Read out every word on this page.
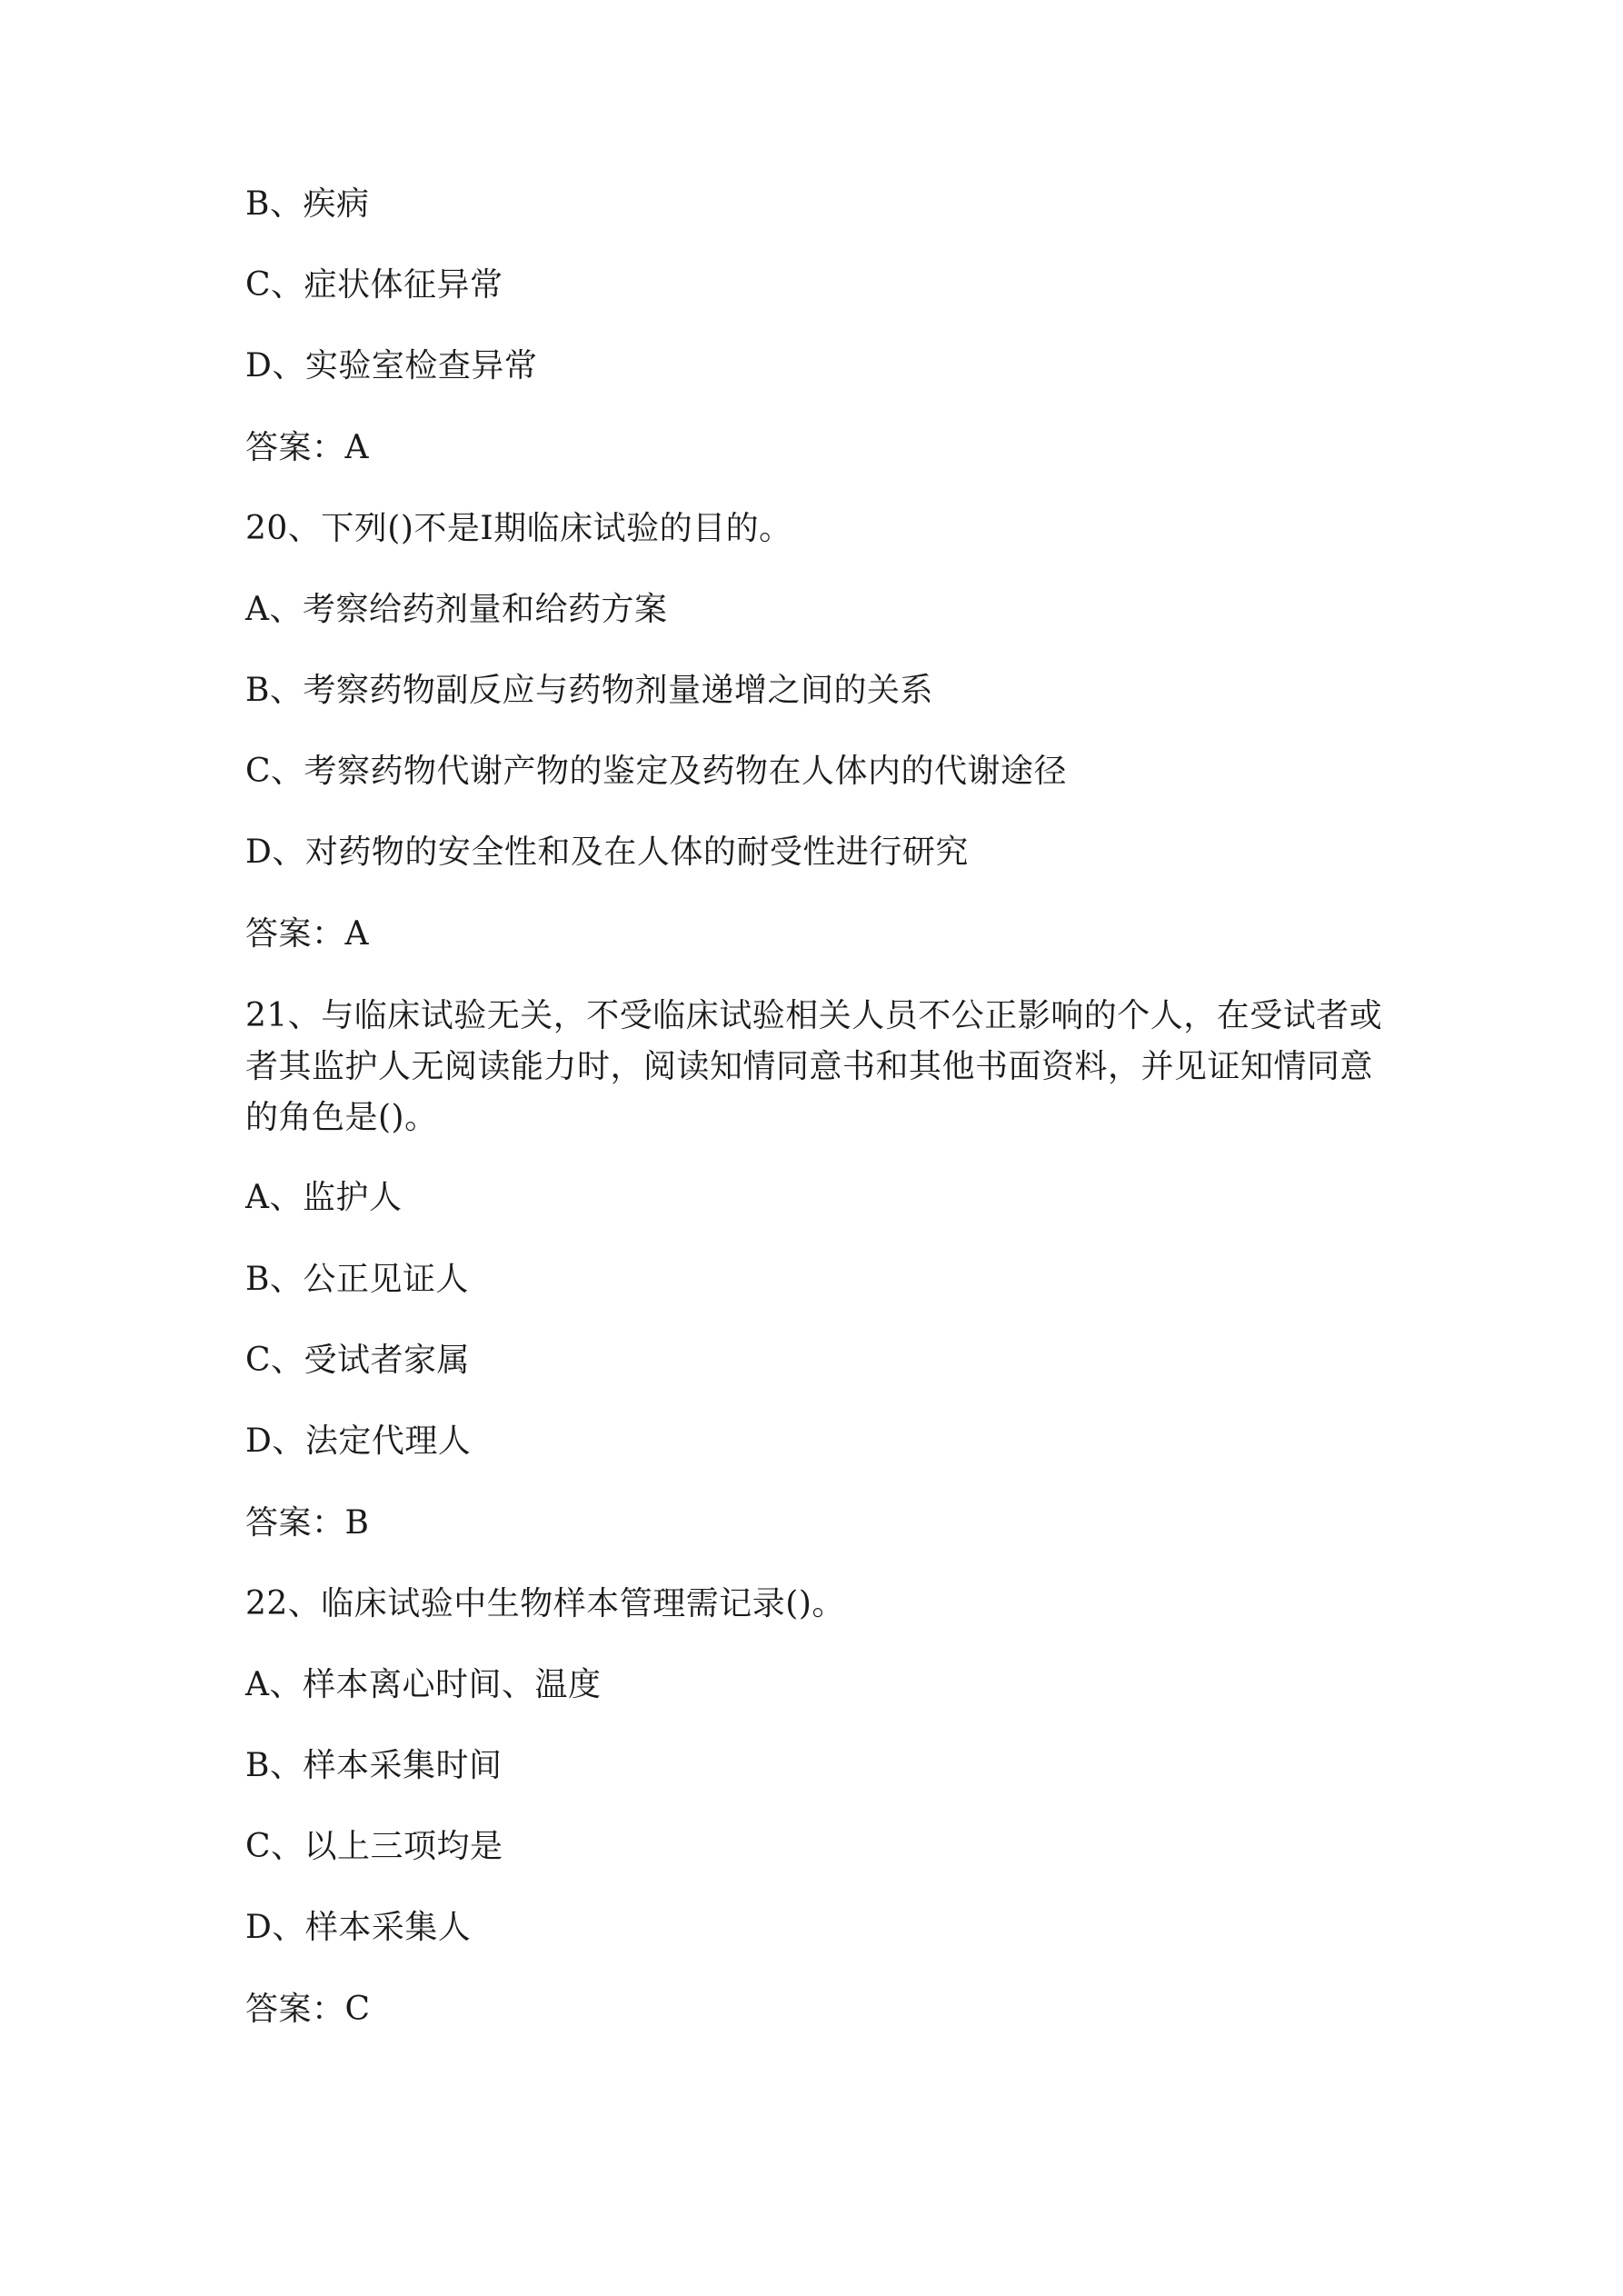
B、疾病
C、症状体征异常
D、实验室检查异常
答案：A
20、下列()不是Ⅰ期临床试验的目的。
A、考察给药剂量和给药方案
B、考察药物副反应与药物剂量递增之间的关系
C、考察药物代谢产物的鉴定及药物在人体内的代谢途径
D、对药物的安全性和及在人体的耐受性进行研究
答案：A
21、与临床试验无关，不受临床试验相关人员不公正影响的个人，在受试者或
者其监护人无阅读能力时，阅读知情同意书和其他书面资料，并见证知情同意
的角色是()。
A、监护人
B、公正见证人
C、受试者家属
D、法定代理人
答案：B
22、临床试验中生物样本管理需记录()。
A、样本离心时间、温度
B、样本采集时间
C、以上三项均是
D、样本采集人
答案：C
